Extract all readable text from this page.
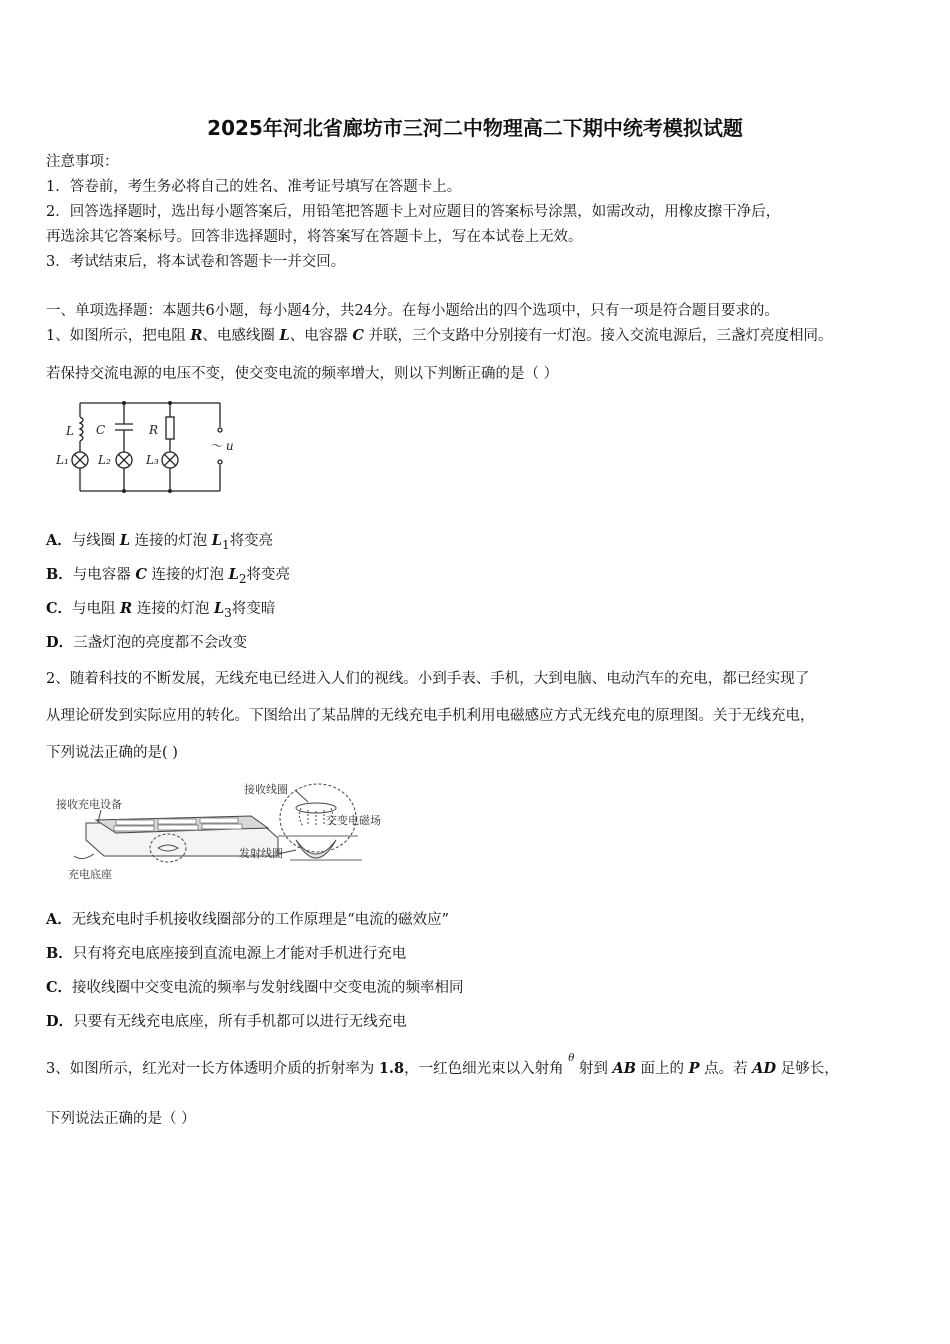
2025年河北省廊坊市三河二中物理高二下期中统考模拟试题
注意事项：
1．答卷前，考生务必将自己的姓名、准考证号填写在答题卡上。
2．回答选择题时，选出每小题答案后，用铅笔把答题卡上对应题目的答案标号涂黑，如需改动，用橡皮擦干净后，
再选涂其它答案标号。回答非选择题时，将答案写在答题卡上，写在本试卷上无效。
3．考试结束后，将本试卷和答题卡一并交回。
一、单项选择题：本题共6小题，每小题4分，共24分。在每小题给出的四个选项中，只有一项是符合题目要求的。
1、如图所示，把电阻 R、电感线圈 L、电容器 C 并联，三个支路中分别接有一灯泡。接入交流电源后，三盏灯亮度相同。
若保持交流电源的电压不变，使交变电流的频率增大，则以下判断正确的是（ ）
L C	R
L₁ L₂	L₃
～ u
A．与线圈 L 连接的灯泡 $L_1$将变亮
B．与电容器 C 连接的灯泡 $L_2$将变亮
C．与电阻 R 连接的灯泡 $L_3$将变暗
D．三盏灯泡的亮度都不会改变
2、随着科技的不断发展，无线充电已经进入人们的视线。小到手表、手机，大到电脑、电动汽车的充电，都已经实现了
从理论研发到实际应用的转化。下图给出了某品牌的无线充电手机利用电磁感应方式无线充电的原理图。关于无线充电，
下列说法正确的是( )
接收充电设备
充电底座
接收线圈
交变电磁场
发射线圈
A．无线充电时手机接收线圈部分的工作原理是“电流的磁效应”
B．只有将充电底座接到直流电源上才能对手机进行充电
C．接收线圈中交变电流的频率与发射线圈中交变电流的频率相同
D．只要有无线充电底座，所有手机都可以进行无线充电
3、如图所示，红光对一长方体透明介质的折射率为 1.8，一红色细光束以入射角 $^\theta$ 射到 AB 面上的 P 点。若 AD 足够长，
下列说法正确的是（ ）
